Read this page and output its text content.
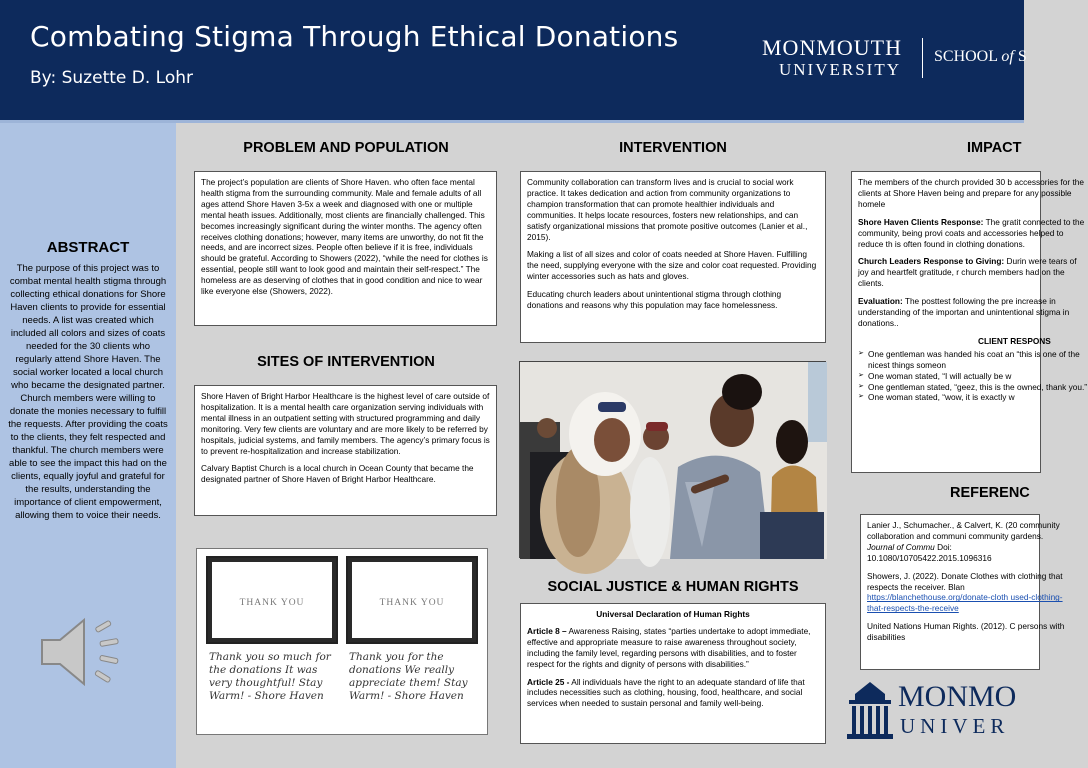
Combating Stigma Through Ethical Donations
By: Suzette D. Lohr
MONMOUTH
UNIVERSITY
SCHOOL of S
ABSTRACT

The purpose of this project was to combat mental health stigma through collecting ethical donations for Shore Haven clients to provide for essential needs. A list was created which included all colors and sizes of coats needed for the 30 clients who regularly attend Shore Haven. The social worker located a local church who became the designated partner. Church members were willing to donate the monies necessary to fulfill the requests. After providing the coats to the clients, they felt respected and thankful. The church members were able to see the impact this had on the clients, equally joyful and grateful for the results, understanding the importance of client empowerment, allowing them to voice their needs.

PROBLEM AND POPULATION

The project’s population are clients of Shore Haven. who often face mental health stigma from the surrounding community. Male and female adults of all ages attend Shore Haven 3-5x a week and diagnosed with one or multiple mental heath issues. Additionally, most clients are financially challenged. This becomes increasingly significant during the winter months. The agency often receives clothing donations; however, many items are unworthy, do not fit the needs, and are incorrect sizes. People often believe if it is free, individuals should be grateful. According to Showers (2022), “while the need for clothes is essential, people still want to look good and maintain their self-respect.” The homeless are as deserving of clothes that in good condition and nice to wear like everyone else (Showers, 2022).

SITES OF INTERVENTION

Shore Haven of Bright Harbor Healthcare is the highest level of care outside of hospitalization. It is a mental health care organization serving individuals with mental illness in an outpatient setting with structured programming and daily monitoring. Very few clients are voluntary and are more likely to be referred by hospitals, judicial systems, and family members. The agency’s primary focus is to prevent re-hospitalization and increase stabilization.

Calvary Baptist Church is a local church in Ocean County that became the designated partner of Shore Haven of Bright Harbor Healthcare.

THANK YOU
Thank you so much for the donations It was very thoughtful! Stay Warm! - Shore Haven
THANK YOU
Thank you for the donations We really appreciate them! Stay Warm! - Shore Haven
INTERVENTION

Community collaboration can transform lives and is crucial to social work practice. It takes dedication and action from community organizations to champion transformation that can promote healthier individuals and communities. It helps locate resources, fosters new relationships, and can satisfy organizational missions that promote positive outcomes (Lanier et al., 2015).

Making a list of all sizes and color of coats needed at Shore Haven. Fulfilling the need, supplying everyone with the size and color coat requested. Providing winter accessories such as hats and gloves.

Educating church leaders about unintentional stigma through clothing donations and reasons why this population may face homelessness.

SOCIAL JUSTICE & HUMAN RIGHTS
Universal Declaration of Human Rights

Article 8 – Awareness Raising, states “parties undertake to adopt immediate, effective and appropriate measure to raise awareness throughout society, including the family level, regarding persons with disabilities, and to foster respect for the rights and dignity of persons with disabilities.”

Article 25 - All individuals have the right to an adequate standard of life that includes necessities such as clothing, housing, food, healthcare, and social services when needed to sustain personal and family well-being.

IMPACT

The members of the church provided 30 b accessories for the clients at Shore Haven being and prepare for any possible homele

Shore Haven Clients Response: The gratit connected to the community, being provi coats and accessories helped to reduce th is often found in clothing donations.

Church Leaders Response to Giving: Durin were tears of joy and heartfelt gratitude, r church members had on the clients.

Evaluation: The posttest following the pre increase in understanding of the importan and unintentional stigma in donations..

CLIENT RESPONS
➢ One gentleman was handed his coat an “this is one of the nicest things someon
➢ One woman stated, “I will actually be w
➢ One gentleman stated, “geez, this is the owned, thank you.”
➢ One woman stated, “wow, it is exactly w
REFERENC

Lanier J., Schumacher., & Calvert, K. (20 community collaboration and communi community gardens. Journal of Commu Doi: 10.1080/10705422.2015.1096316

Showers, J. (2022). Donate Clothes with clothing that respects the receiver. Blan https://blanchethouse.org/donate-cloth used-clothing-that-respects-the-receive

United Nations Human Rights. (2012). C persons with disabilities

MONMO
UNIVER
